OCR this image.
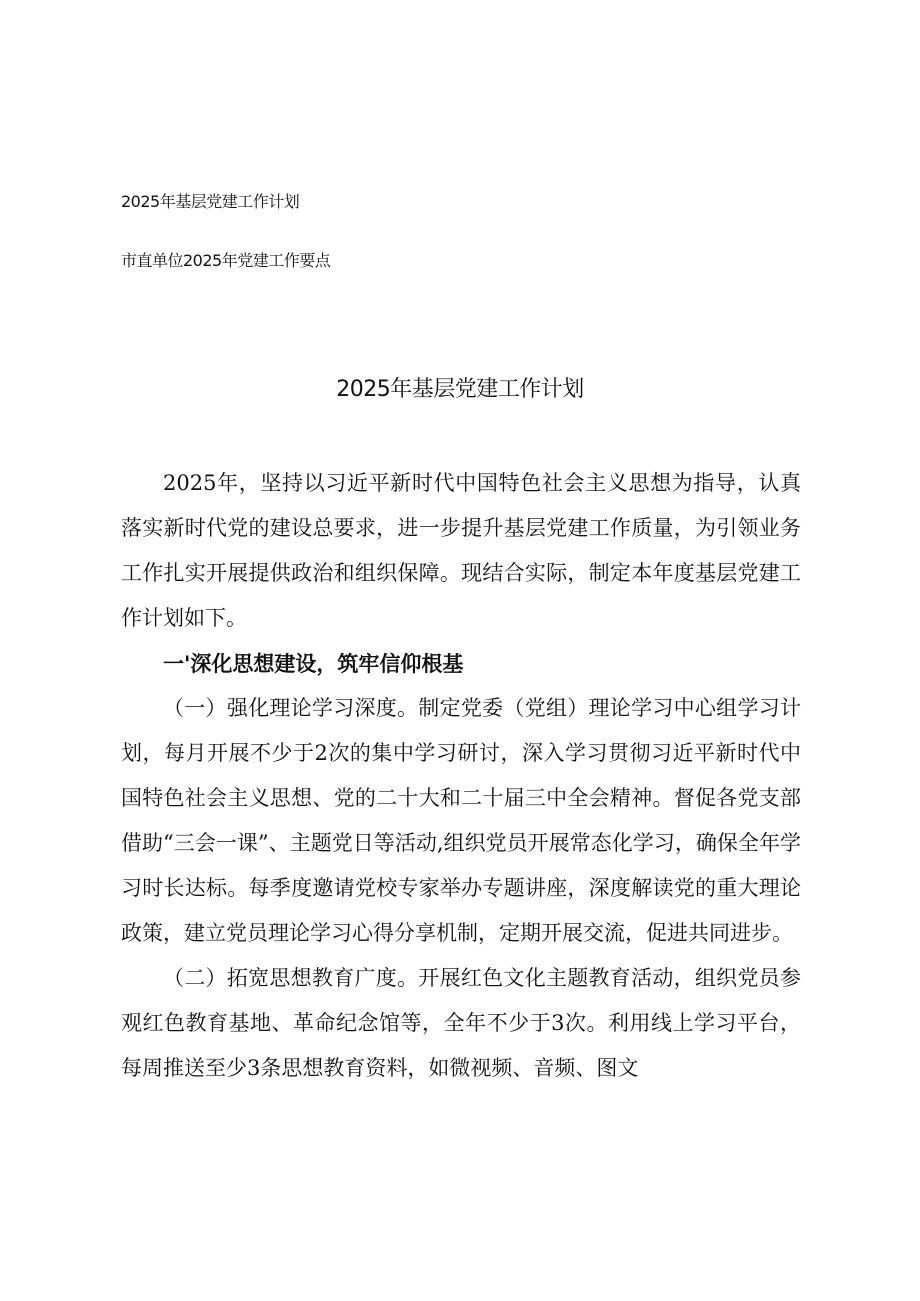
2025年基层党建工作计划
市直单位2025年党建工作要点
2025年基层党建工作计划

2025年，坚持以习近平新时代中国特色社会主义思想为指导，认真落实新时代党的建设总要求，进一步提升基层党建工作质量，为引领业务工作扎实开展提供政治和组织保障。现结合实际，制定本年度基层党建工作计划如下。

一'深化思想建设，筑牢信仰根基

（一）强化理论学习深度。制定党委（党组）理论学习中心组学习计划，每月开展不少于2次的集中学习研讨，深入学习贯彻习近平新时代中国特色社会主义思想、党的二十大和二十届三中全会精神。督促各党支部借助“三会一课”、主题党日等活动,组织党员开展常态化学习，确保全年学习时长达标。每季度邀请党校专家举办专题讲座，深度解读党的重大理论政策，建立党员理论学习心得分享机制，定期开展交流，促进共同进步。

（二）拓宽思想教育广度。开展红色文化主题教育活动，组织党员参观红色教育基地、革命纪念馆等，全年不少于3次。利用线上学习平台，每周推送至少3条思想教育资料，如微视频、音频、图文
